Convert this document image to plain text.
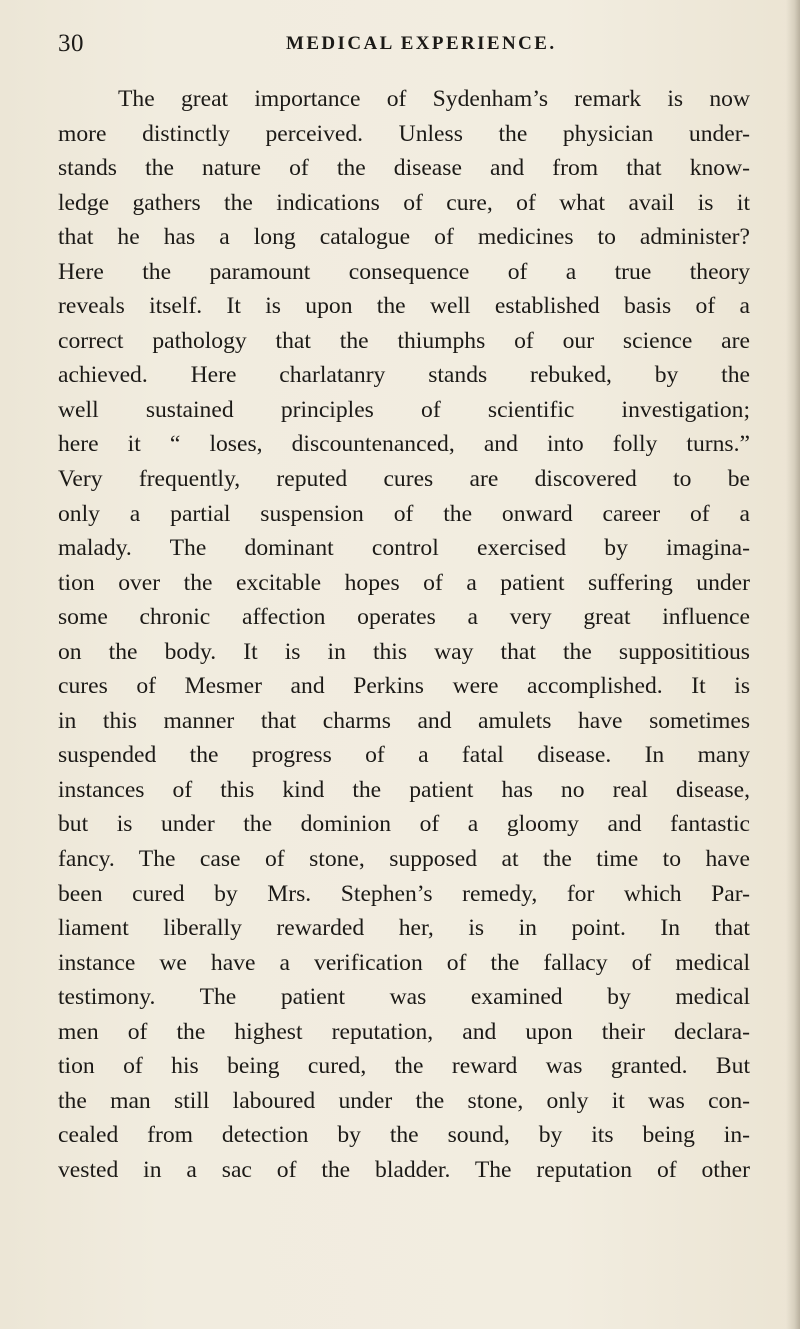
30	MEDICAL EXPERIENCE.
The great importance of Sydenham’s remark is now
more distinctly perceived. Unless the physician under-
stands the nature of the disease and from that know-
ledge gathers the indications of cure, of what avail is it
that he has a long catalogue of medicines to administer?
Here the paramount consequence of a true theory
reveals itself. It is upon the well established basis of a
correct pathology that the thiumphs of our science are
achieved. Here charlatanry stands rebuked, by the
well sustained principles of scientific investigation;
here it “ loses, discountenanced, and into folly turns.”
Very frequently, reputed cures are discovered to be
only a partial suspension of the onward career of a
malady. The dominant control exercised by imagina-
tion over the excitable hopes of a patient suffering under
some chronic affection operates a very great influence
on the body. It is in this way that the supposititious
cures of Mesmer and Perkins were accomplished. It is
in this manner that charms and amulets have sometimes
suspended the progress of a fatal disease. In many
instances of this kind the patient has no real disease,
but is under the dominion of a gloomy and fantastic
fancy. The case of stone, supposed at the time to have
been cured by Mrs. Stephen’s remedy, for which Par-
liament liberally rewarded her, is in point. In that
instance we have a verification of the fallacy of medical
testimony. The patient was examined by medical
men of the highest reputation, and upon their declara-
tion of his being cured, the reward was granted. But
the man still laboured under the stone, only it was con-
cealed from detection by the sound, by its being in-
vested in a sac of the bladder. The reputation of other
